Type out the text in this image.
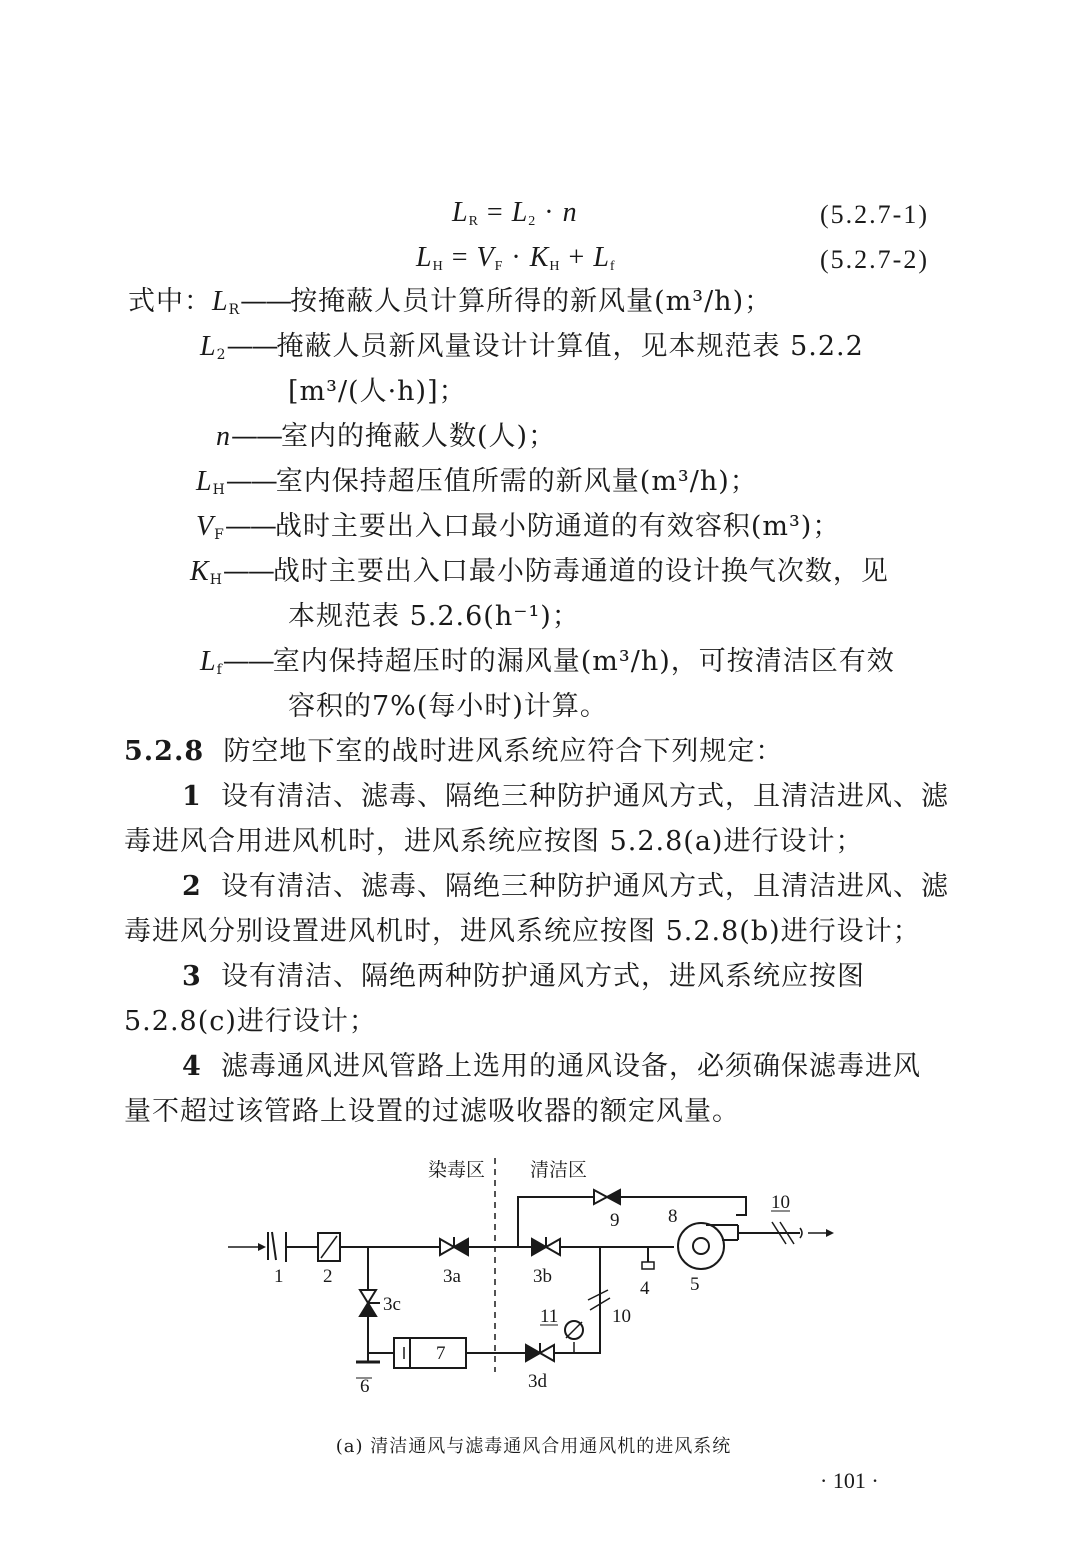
$L_R = L_2 \cdot n$	(5.2.7-1)
$L_H = V_F \cdot K_H + L_f$	(5.2.7-2)
式中：$L_R——$按掩蔽人员计算所得的新风量(m³/h)；
$L_2——$掩蔽人员新风量设计计算值，见本规范表 5.2.2
[m³/(人·h)]；
n——室内的掩蔽人数(人)；
$L_H——$室内保持超压值所需的新风量(m³/h)；
$V_F——$战时主要出入口最小防通道的有效容积(m³)；
$K_H——$战时主要出入口最小防毒通道的设计换气次数，见
本规范表 5.2.6(h⁻¹)；
$L_f——$室内保持超压时的漏风量(m³/h)，可按清洁区有效
容积的7%(每小时)计算。
5.2.8 防空地下室的战时进风系统应符合下列规定：
1 设有清洁、滤毒、隔绝三种防护通风方式，且清洁进风、滤
毒进风合用进风机时，进风系统应按图 5.2.8(a)进行设计；
2 设有清洁、滤毒、隔绝三种防护通风方式，且清洁进风、滤
毒进风分别设置进风机时，进风系统应按图 5.2.8(b)进行设计；
3 设有清洁、隔绝两种防护通风方式，进风系统应按图
5.2.8(c)进行设计；
4 滤毒通风进风管路上选用的通风设备，必须确保滤毒进风
量不超过该管路上设置的过滤吸收器的额定风量。
染毒区 清洁区
1 2	3a	3b
3c
3d
4 5
6
7
8
9
10
10
11
(a) 清洁通风与滤毒通风合用通风机的进风系统
· 101 ·
